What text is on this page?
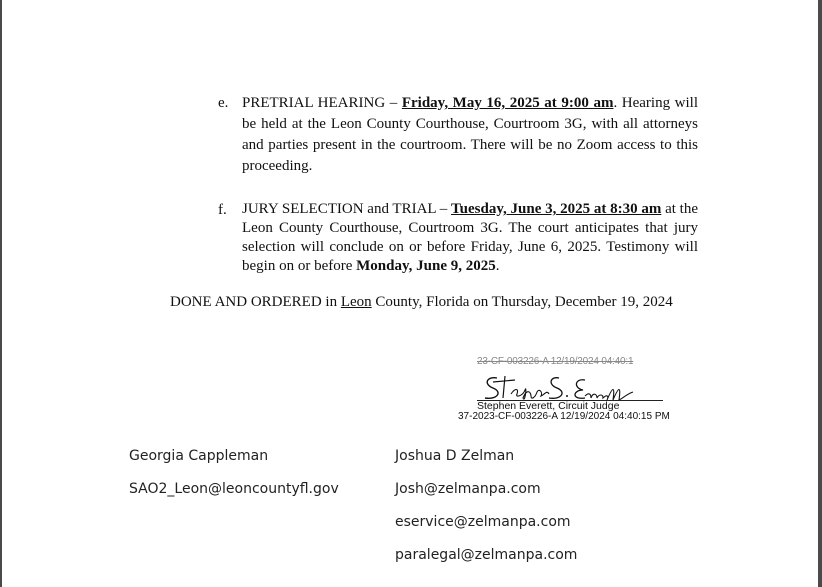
e. PRETRIAL HEARING – Friday, May 16, 2025 at 9:00 am. Hearing will be held at the Leon County Courthouse, Courtroom 3G, with all attorneys and parties present in the courtroom. There will be no Zoom access to this proceeding.
f. JURY SELECTION and TRIAL – Tuesday, June 3, 2025 at 8:30 am at the Leon County Courthouse, Courtroom 3G. The court anticipates that jury selection will conclude on or before Friday, June 6, 2025. Testimony will begin on or before Monday, June 9, 2025.
DONE AND ORDERED in Leon County, Florida on Thursday, December 19, 2024
23-CF-003226-A 12/19/2024 04:40:1
Stephen Everett, Circuit Judge
37-2023-CF-003226-A 12/19/2024 04:40:15 PM
Georgia Cappleman
SAO2_Leon@leoncountyfl.gov
Joshua D Zelman
Josh@zelmanpa.com
eservice@zelmanpa.com
paralegal@zelmanpa.com
